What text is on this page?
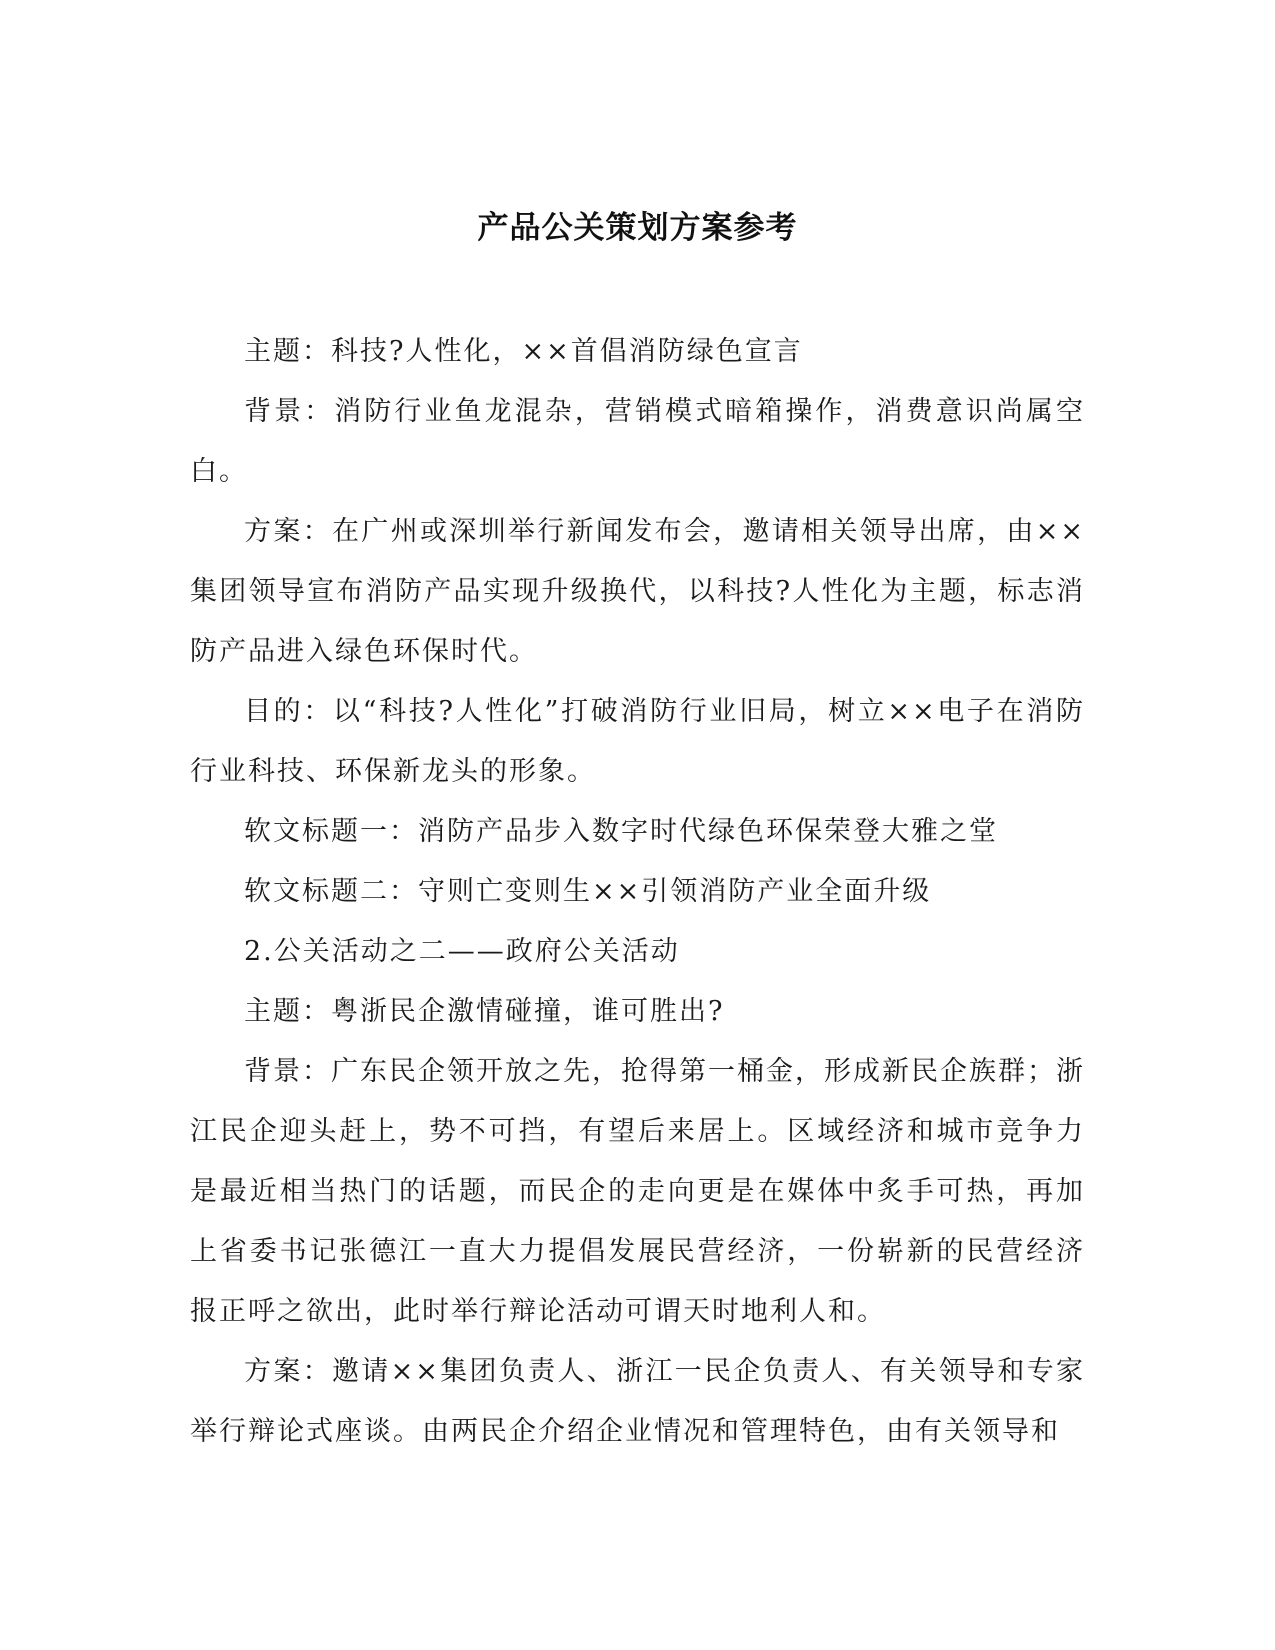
产品公关策划方案参考

主题：科技?人性化，××首倡消防绿色宣言

背景：消防行业鱼龙混杂，营销模式暗箱操作，消费意识尚属空白。

方案：在广州或深圳举行新闻发布会，邀请相关领导出席，由××集团领导宣布消防产品实现升级换代，以科技?人性化为主题，标志消防产品进入绿色环保时代。

目的：以“科技?人性化”打破消防行业旧局，树立××电子在消防行业科技、环保新龙头的形象。

软文标题一：消防产品步入数字时代绿色环保荣登大雅之堂

软文标题二：守则亡变则生××引领消防产业全面升级

2.公关活动之二——政府公关活动

主题：粤浙民企激情碰撞，谁可胜出?

背景：广东民企领开放之先，抢得第一桶金，形成新民企族群；浙江民企迎头赶上，势不可挡，有望后来居上。区域经济和城市竞争力是最近相当热门的话题，而民企的走向更是在媒体中炙手可热，再加上省委书记张德江一直大力提倡发展民营经济，一份崭新的民营经济报正呼之欲出，此时举行辩论活动可谓天时地利人和。

方案：邀请××集团负责人、浙江一民企负责人、有关领导和专家举行辩论式座谈。由两民企介绍企业情况和管理特色，由有关领导和
